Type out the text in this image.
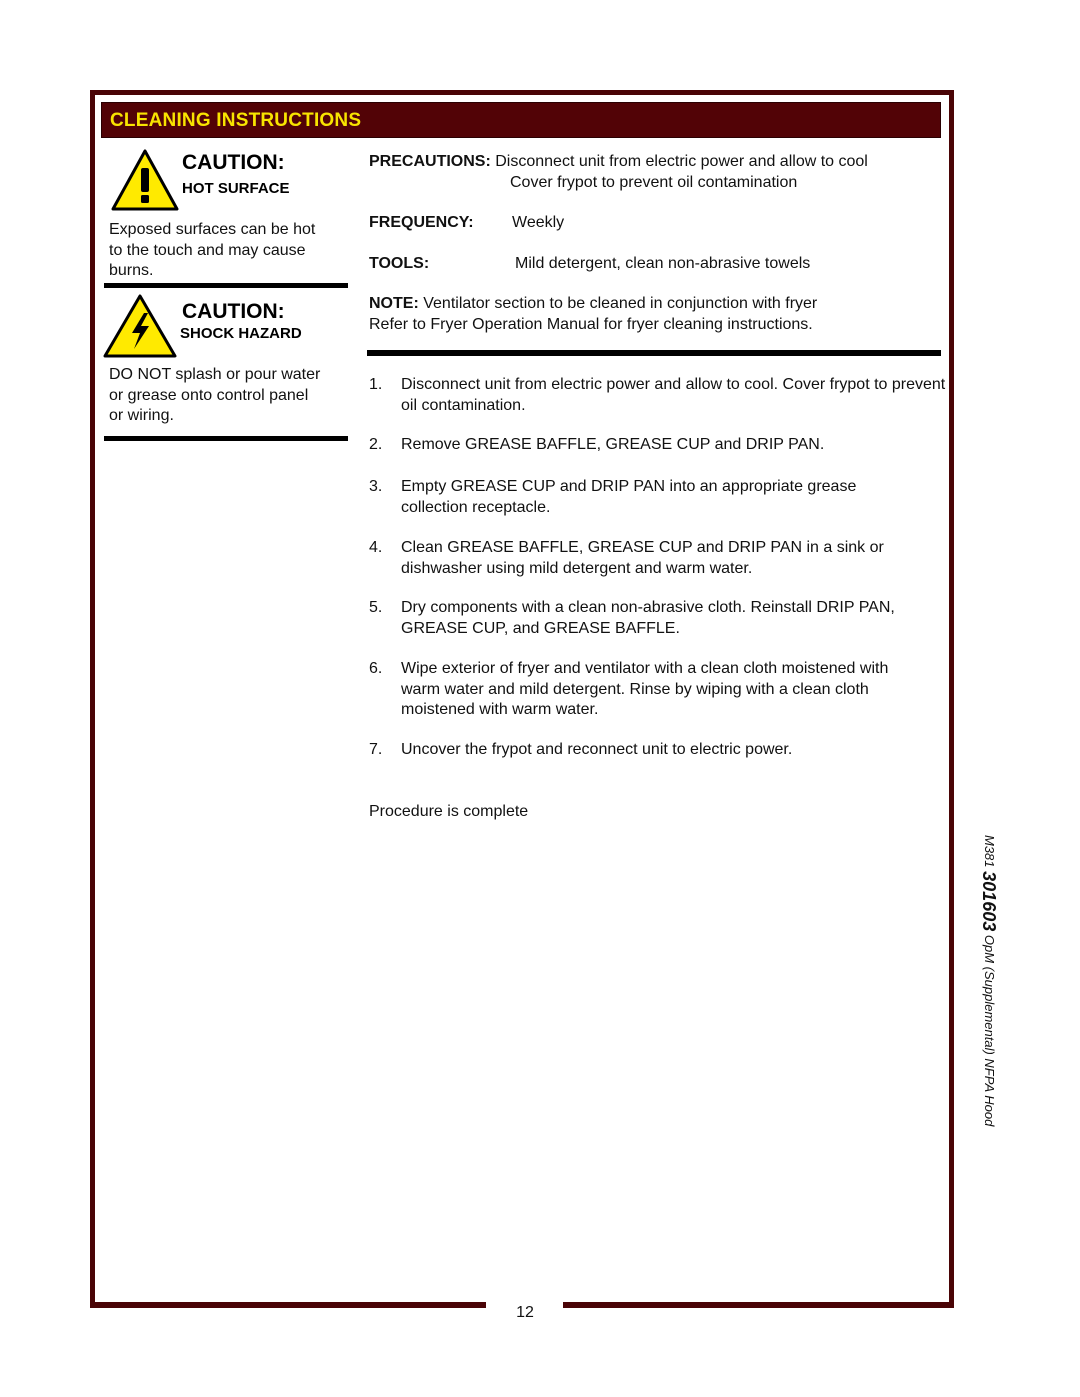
12
CLEANING INSTRUCTIONS
CAUTION:
HOT SURFACE
Exposed surfaces can be hot
to the touch and may cause
burns.
CAUTION:
SHOCK HAZARD
DO NOT splash or pour water
or grease onto control panel
or wiring.
PRECAUTIONS: Disconnect unit from electric power and allow to cool
Cover frypot to prevent oil contamination
FREQUENCY: Weekly
TOOLS:	Mild detergent, clean non-abrasive towels
NOTE: Ventilator section to be cleaned in conjunction with fryer
Refer to Fryer Operation Manual for fryer cleaning instructions.
1.	Disconnect unit from electric power and allow to cool. Cover frypot to prevent oil contamination.
2.	Remove GREASE BAFFLE, GREASE CUP and DRIP PAN.
3.	Empty GREASE CUP and DRIP PAN into an appropriate grease collection receptacle.
4.	Clean GREASE BAFFLE, GREASE CUP and DRIP PAN in a sink or dishwasher using mild detergent and warm water.
5.	Dry components with a clean non-abrasive cloth. Reinstall DRIP PAN, GREASE CUP, and GREASE BAFFLE.
6.	Wipe exterior of fryer and ventilator with a clean cloth moistened with warm water and mild detergent. Rinse by wiping with a clean cloth moistened with warm water.
7.	Uncover the frypot and reconnect unit to electric power.
Procedure is complete
M381 301603 OpM (Supplemental) NFPA Hood
